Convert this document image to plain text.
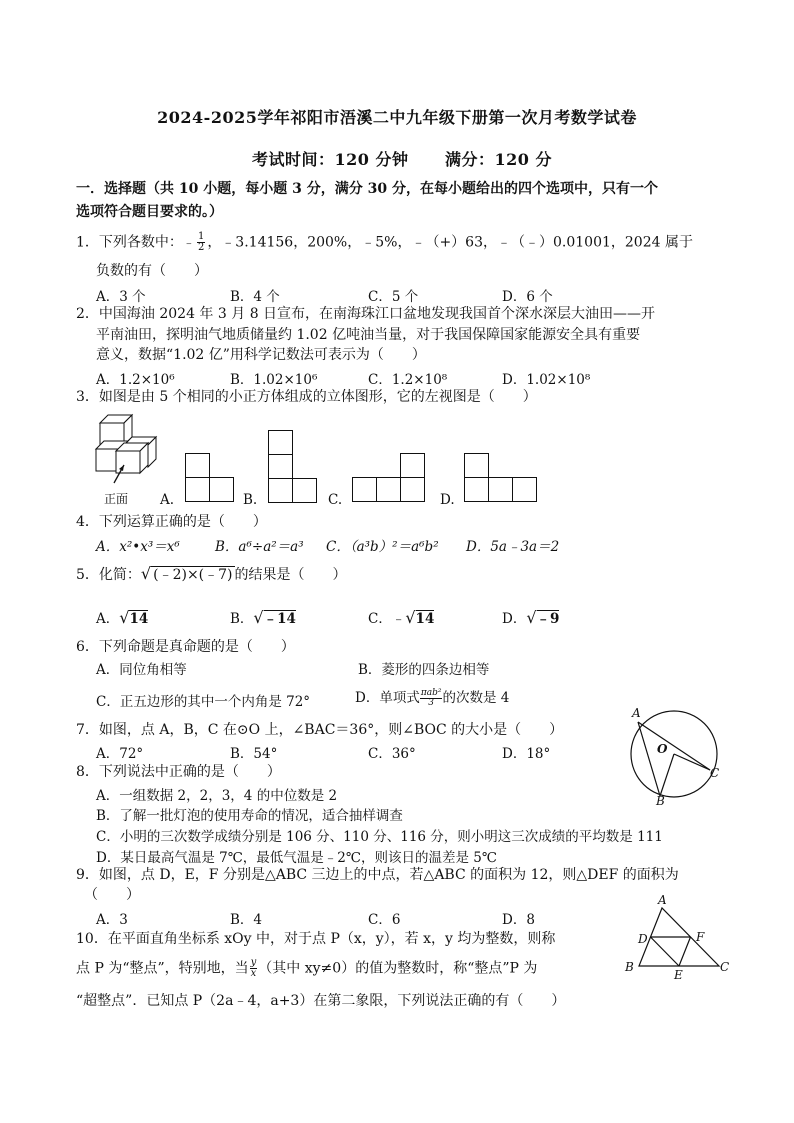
2024-2025学年祁阳市浯溪二中九年级下册第一次月考数学试卷
考试时间：120 分钟 满分：120 分
一．选择题（共 10 小题，每小题 3 分，满分 30 分，在每小题给出的四个选项中，只有一个
选项符合题目要求的。）
1．下列各数中：﹣ $\frac{1}{2}$ ，﹣3.14156，200%，﹣5%，﹣（+）63，﹣（﹣）0.01001，2024 属于
负数的有（　　）
A．3 个	B．4 个	C．5 个	D．6 个
2．中国海油 2024 年 3 月 8 日宣布，在南海珠江口盆地发现我国首个深水深层大油田——开
平南油田，探明油气地质储量约 1.02 亿吨油当量，对于我国保障国家能源安全具有重要
意义，数据“1.02 亿”用科学记数法可表示为（　　）
A．1.2×10⁶	B．1.02×10⁶	C．1.2×10⁸	D．1.02×10⁸
3．如图是由 5 个相同的小正方体组成的立体图形，它的左视图是（　　）
正面 A.	B.	C.	D.
4．下列运算正确的是（　　）
A．x²•x³＝x⁶	B．a⁶÷a²＝a³ C．（a³b）²＝a⁶b² D．5a﹣3a＝2
5．化简：√ (﹣2)×(﹣7) 的结果是（　　）
A．√14	B．√﹣14	C．﹣√14	D．√﹣9
6．下列命题是真命题的是（　　）
A．同位角相等	B．菱形的四条边相等
C．正五边形的其中一个内角是 72°	D．单项式 πab²
3 的次数是 4
7．如图，点 A，B，C 在⊙O 上，∠BAC＝36°，则∠BOC 的大小是（　　）
A．72°	B．54°	C．36°	D．18°
A
O
C
B
8．下列说法中正确的是（　　）
A．一组数据 2，2，3，4 的中位数是 2
B．了解一批灯泡的使用寿命的情况，适合抽样调查
C．小明的三次数学成绩分别是 106 分、110 分、116 分，则小明这三次成绩的平均数是 111
D．某日最高气温是 7℃，最低气温是﹣2℃，则该日的温差是 5℃
9．如图，点 D，E，F 分别是△ABC 三边上的中点，若△ABC 的面积为 12，则△DEF 的面积为
（　　）
A．3	B．4	C．6	D．8
A
D	F
B
E
C
10．在平面直角坐标系 xOy 中，对于点 P（x，y），若 x，y 均为整数，则称
点 P 为“整点”，特别地，当 $\frac{y}{x}$ （其中 xy≠0）的值为整数时，称“整点”P 为
“超整点”．已知点 P（2a﹣4，a+3）在第二象限，下列说法正确的有（　　）
